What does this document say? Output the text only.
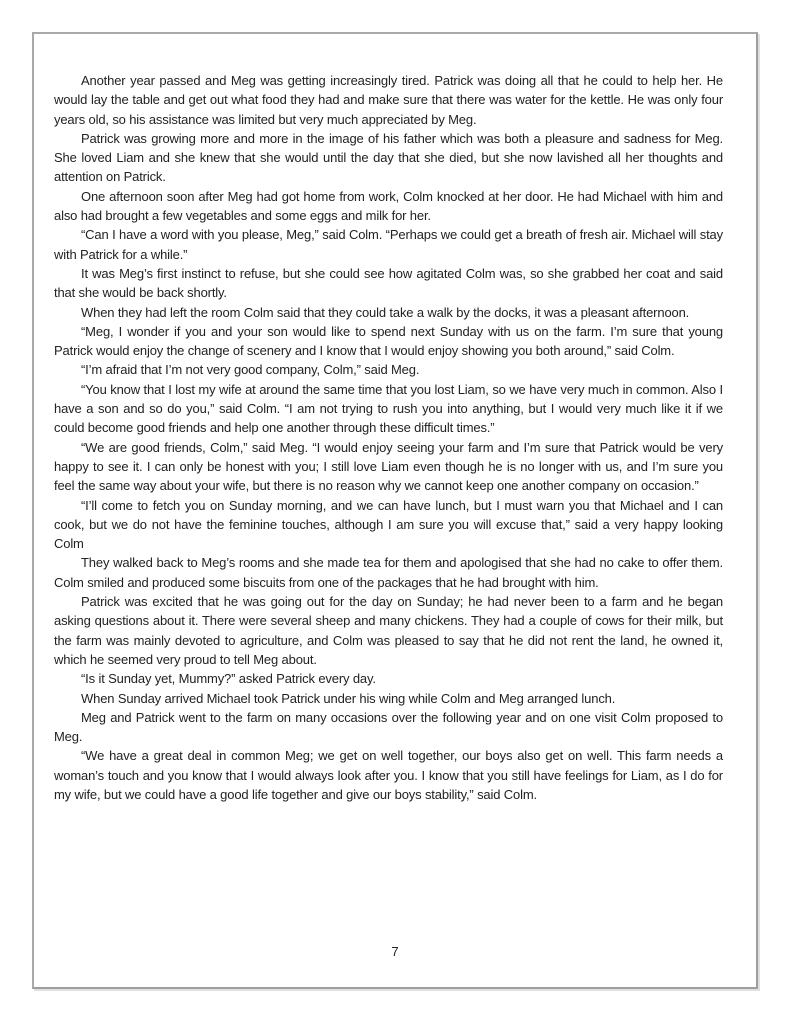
Another year passed and Meg was getting increasingly tired. Patrick was doing all that he could to help her. He would lay the table and get out what food they had and make sure that there was water for the kettle. He was only four years old, so his assistance was limited but very much appreciated by Meg.

Patrick was growing more and more in the image of his father which was both a pleasure and sadness for Meg. She loved Liam and she knew that she would until the day that she died, but she now lavished all her thoughts and attention on Patrick.

One afternoon soon after Meg had got home from work, Colm knocked at her door. He had Michael with him and also had brought a few vegetables and some eggs and milk for her.

“Can I have a word with you please, Meg,” said Colm. “Perhaps we could get a breath of fresh air. Michael will stay with Patrick for a while.”

It was Meg’s first instinct to refuse, but she could see how agitated Colm was, so she grabbed her coat and said that she would be back shortly.

When they had left the room Colm said that they could take a walk by the docks, it was a pleasant afternoon.

“Meg, I wonder if you and your son would like to spend next Sunday with us on the farm. I’m sure that young Patrick would enjoy the change of scenery and I know that I would enjoy showing you both around,” said Colm.

“I’m afraid that I’m not very good company, Colm,” said Meg.

“You know that I lost my wife at around the same time that you lost Liam, so we have very much in common. Also I have a son and so do you,” said Colm. “I am not trying to rush you into anything, but I would very much like it if we could become good friends and help one another through these difficult times.”

“We are good friends, Colm,” said Meg. “I would enjoy seeing your farm and I’m sure that Patrick would be very happy to see it. I can only be honest with you; I still love Liam even though he is no longer with us, and I’m sure you feel the same way about your wife, but there is no reason why we cannot keep one another company on occasion.”

“I’ll come to fetch you on Sunday morning, and we can have lunch, but I must warn you that Michael and I can cook, but we do not have the feminine touches, although I am sure you will excuse that,” said a very happy looking Colm

They walked back to Meg’s rooms and she made tea for them and apologised that she had no cake to offer them. Colm smiled and produced some biscuits from one of the packages that he had brought with him.

Patrick was excited that he was going out for the day on Sunday; he had never been to a farm and he began asking questions about it. There were several sheep and many chickens. They had a couple of cows for their milk, but the farm was mainly devoted to agriculture, and Colm was pleased to say that he did not rent the land, he owned it, which he seemed very proud to tell Meg about.

“Is it Sunday yet, Mummy?” asked Patrick every day.

When Sunday arrived Michael took Patrick under his wing while Colm and Meg arranged lunch.

Meg and Patrick went to the farm on many occasions over the following year and on one visit Colm proposed to Meg.

“We have a great deal in common Meg; we get on well together, our boys also get on well. This farm needs a woman’s touch and you know that I would always look after you. I know that you still have feelings for Liam, as I do for my wife, but we could have a good life together and give our boys stability,” said Colm.

7
